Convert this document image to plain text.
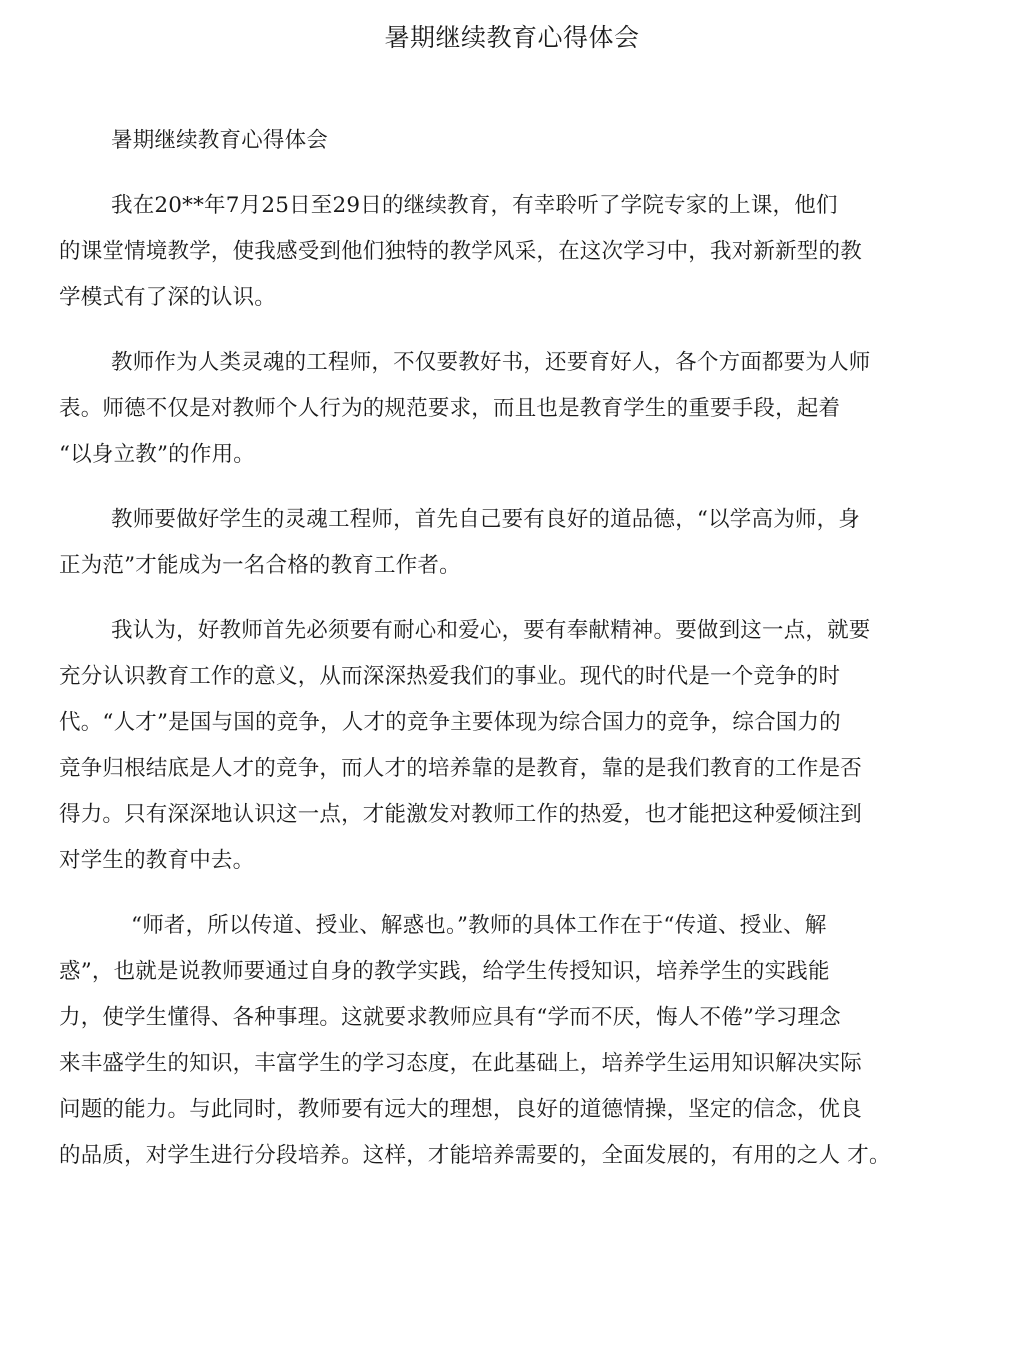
暑期继续教育心得体会
暑期继续教育心得体会
我在20**年7月25日至29日的继续教育，有幸聆听了学院专家的上课，他们
的课堂情境教学，使我感受到他们独特的教学风采，在这次学习中，我对新新型的教
学模式有了深的认识。
教师作为人类灵魂的工程师，不仅要教好书，还要育好人，各个方面都要为人师
表。师德不仅是对教师个人行为的规范要求，而且也是教育学生的重要手段，起着
“以身立教”的作用。
教师要做好学生的灵魂工程师，首先自己要有良好的道品德，“以学高为师，身
正为范”才能成为一名合格的教育工作者。
我认为，好教师首先必须要有耐心和爱心，要有奉献精神。要做到这一点，就要
充分认识教育工作的意义，从而深深热爱我们的事业。现代的时代是一个竞争的时
代。“人才”是国与国的竞争，人才的竞争主要体现为综合国力的竞争，综合国力的
竞争归根结底是人才的竞争，而人才的培养靠的是教育，靠的是我们教育的工作是否
得力。只有深深地认识这一点，才能激发对教师工作的热爱，也才能把这种爱倾注到
对学生的教育中去。
“师者，所以传道、授业、解惑也。”教师的具体工作在于“传道、授业、解
惑”，也就是说教师要通过自身的教学实践，给学生传授知识，培养学生的实践能
力，使学生懂得、各种事理。这就要求教师应具有“学而不厌，悔人不倦”学习理念
来丰盛学生的知识，丰富学生的学习态度，在此基础上，培养学生运用知识解决实际
问题的能力。与此同时，教师要有远大的理想，良好的道德情操，坚定的信念，优良
的品质，对学生进行分段培养。这样，才能培养需要的，全面发展的，有用的之人 才。
